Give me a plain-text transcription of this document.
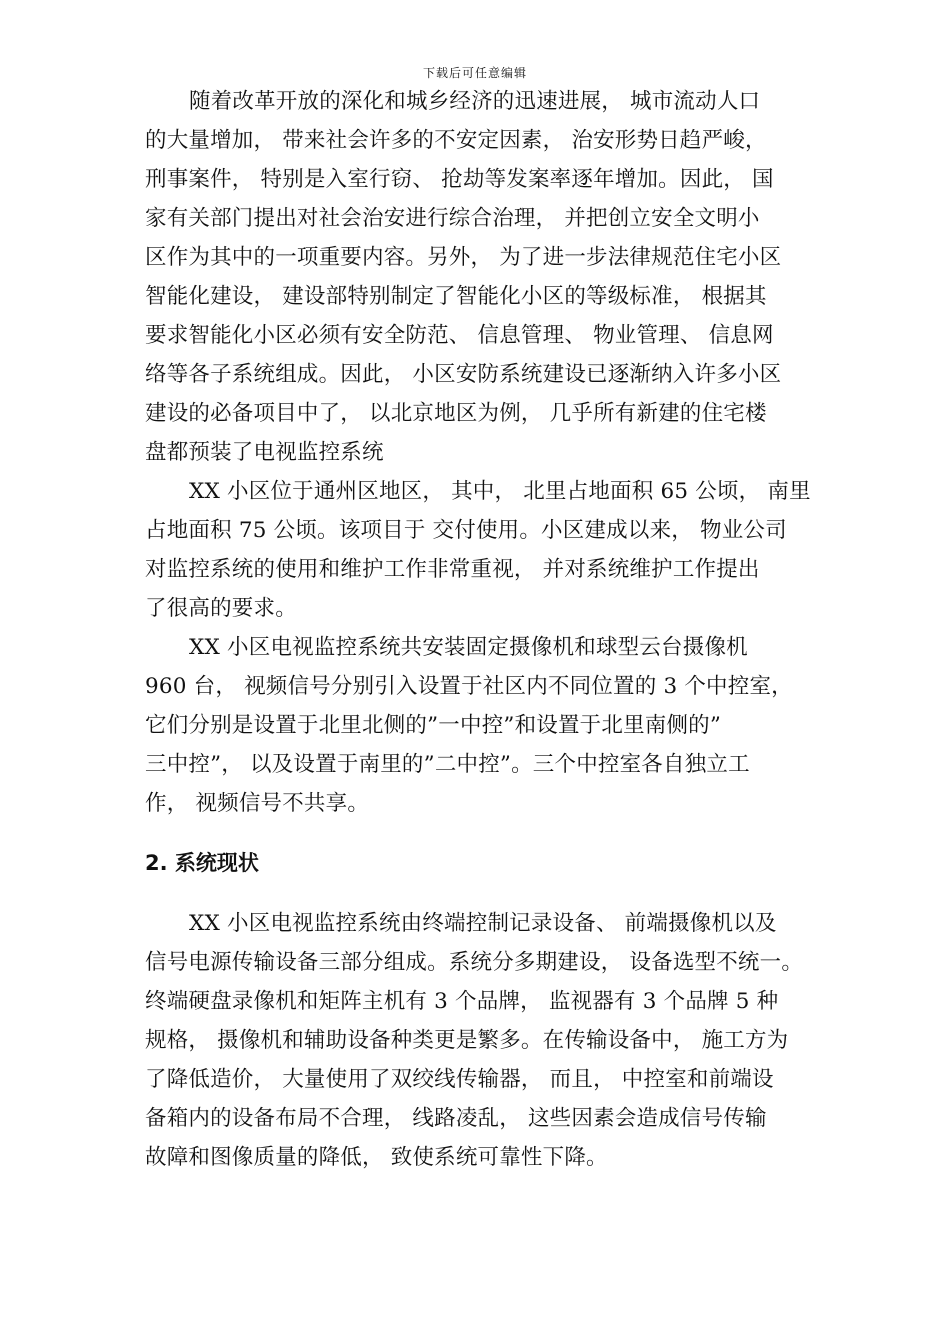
下载后可任意编辑

随着改革开放的深化和城乡经济的迅速进展， 城市流动人口
的大量增加， 带来社会许多的不安定因素， 治安形势日趋严峻，
刑事案件， 特别是入室行窃、 抢劫等发案率逐年增加。因此， 国
家有关部门提出对社会治安进行综合治理， 并把创立安全文明小
区作为其中的一项重要内容。另外， 为了进一步法律规范住宅小区
智能化建设， 建设部特别制定了智能化小区的等级标准， 根据其
要求智能化小区必须有安全防范、 信息管理、 物业管理、 信息网
络等各子系统组成。因此， 小区安防系统建设已逐渐纳入许多小区
建设的必备项目中了， 以北京地区为例， 几乎所有新建的住宅楼
盘都预装了电视监控系统

XX 小区位于通州区地区， 其中， 北里占地面积 65 公顷， 南里
占地面积 75 公顷。该项目于 交付使用。小区建成以来， 物业公司
对监控系统的使用和维护工作非常重视， 并对系统维护工作提出
了很高的要求。

XX 小区电视监控系统共安装固定摄像机和球型云台摄像机
960 台， 视频信号分别引入设置于社区内不同位置的 3 个中控室，
它们分别是设置于北里北侧的”一中控”和设置于北里南侧的”
三中控”， 以及设置于南里的”二中控”。三个中控室各自独立工
作， 视频信号不共享。

2. 系统现状

XX 小区电视监控系统由终端控制记录设备、 前端摄像机以及
信号电源传输设备三部分组成。系统分多期建设， 设备选型不统一。
终端硬盘录像机和矩阵主机有 3 个品牌， 监视器有 3 个品牌 5 种
规格， 摄像机和辅助设备种类更是繁多。在传输设备中， 施工方为
了降低造价， 大量使用了双绞线传输器， 而且， 中控室和前端设
备箱内的设备布局不合理， 线路凌乱， 这些因素会造成信号传输
故障和图像质量的降低， 致使系统可靠性下降。
